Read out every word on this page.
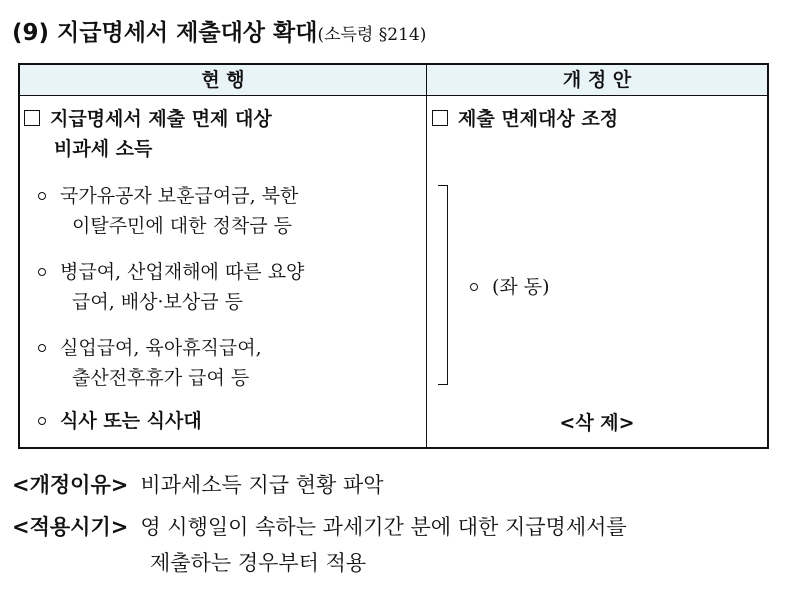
(9) 지급명세서 제출대상 확대(소득령 §214)
현 행	개 정 안
지급명세서 제출 면제 대상
비과세 소득
국가유공자 보훈급여금, 북한
이탈주민에 대한 정착금 등
병급여, 산업재해에 따른 요양
급여, 배상·보상금 등
실업급여, 육아휴직급여,
출산전후휴가 급여 등
식사 또는 식사대
제출 면제대상 조정
(좌 동)
<삭 제>
<개정이유> 비과세소득 지급 현황 파악
<적용시기> 영 시행일이 속하는 과세기간 분에 대한 지급명세서를
제출하는 경우부터 적용
